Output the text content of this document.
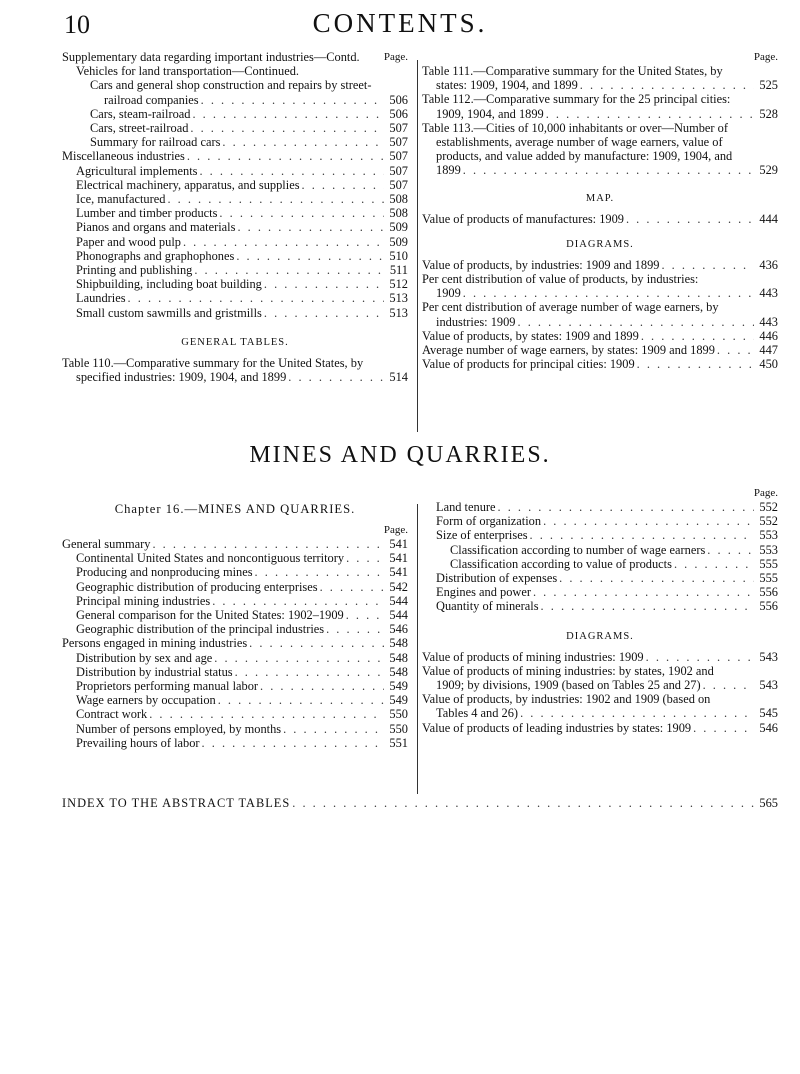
10	CONTENTS.
Supplementary data regarding important industries—Contd. Page.
Vehicles for land transportation—Continued.
Cars and general shop construction and repairs by street-
railroad companies . . .	506
Cars, steam-railroad . . .	506
Cars, street-railroad . . .	507
Summary for railroad cars . . .	507
Miscellaneous industries . . .	507
Agricultural implements . . .	507
Electrical machinery, apparatus, and supplies . . .	507
Ice, manufactured . . .	508
Lumber and timber products . . .	508
Pianos and organs and materials . . .	509
Paper and wood pulp . . .	509
Phonographs and graphophones . . .	510
Printing and publishing . . .	511
Shipbuilding, including boat building . . .	512
Laundries . . .	513
Small custom sawmills and gristmills . . .	513
GENERAL TABLES.
Table 110.—Comparative summary for the United States, by
specified industries: 1909, 1904, and 1899 . . .	514
Page.
Table 111.—Comparative summary for the United States, by
states: 1909, 1904, and 1899 . . .	525
Table 112.—Comparative summary for the 25 principal cities:
1909, 1904, and 1899 . . .	528
Table 113.—Cities of 10,000 inhabitants or over—Number of
establishments, average number of wage earners, value of
products, and value added by manufacture: 1909, 1904, and
1899 . . .	529
MAP.
Value of products of manufactures: 1909 . . .	444
DIAGRAMS.
Value of products, by industries: 1909 and 1899 . . .	436
Per cent distribution of value of products, by industries:
1909 . . .	443
Per cent distribution of average number of wage earners, by
industries: 1909 . . .	443
Value of products, by states: 1909 and 1899 . . .	446
Average number of wage earners, by states: 1909 and 1899 . . .	447
Value of products for principal cities: 1909 . . .	450
MINES AND QUARRIES.
Chapter 16.—MINES AND QUARRIES.
Page.
General summary . . .	541
Continental United States and noncontiguous territory . . .	541
Producing and nonproducing mines . . .	541
Geographic distribution of producing enterprises . . .	542
Principal mining industries . . .	544
General comparison for the United States: 1902–1909 . . .	544
Geographic distribution of the principal industries . . .	546
Persons engaged in mining industries . . .	548
Distribution by sex and age . . .	548
Distribution by industrial status . . .	548
Proprietors performing manual labor . . .	549
Wage earners by occupation . . .	549
Contract work . . .	550
Number of persons employed, by months . . .	550
Prevailing hours of labor . . .	551
Page.
Land tenure . . .	552
Form of organization . . .	552
Size of enterprises . . .	553
Classification according to number of wage earners . . .	553
Classification according to value of products . . .	555
Distribution of expenses . . .	555
Engines and power . . .	556
Quantity of minerals . . .	556
DIAGRAMS.
Value of products of mining industries: 1909 . . .	543
Value of products of mining industries: by states, 1902 and
1909; by divisions, 1909 (based on Tables 25 and 27) . . .	543
Value of products, by industries: 1902 and 1909 (based on
Tables 4 and 26) . . .	545
Value of products of leading industries by states: 1909 . . .	546
INDEX TO THE ABSTRACT TABLES . . .	565
